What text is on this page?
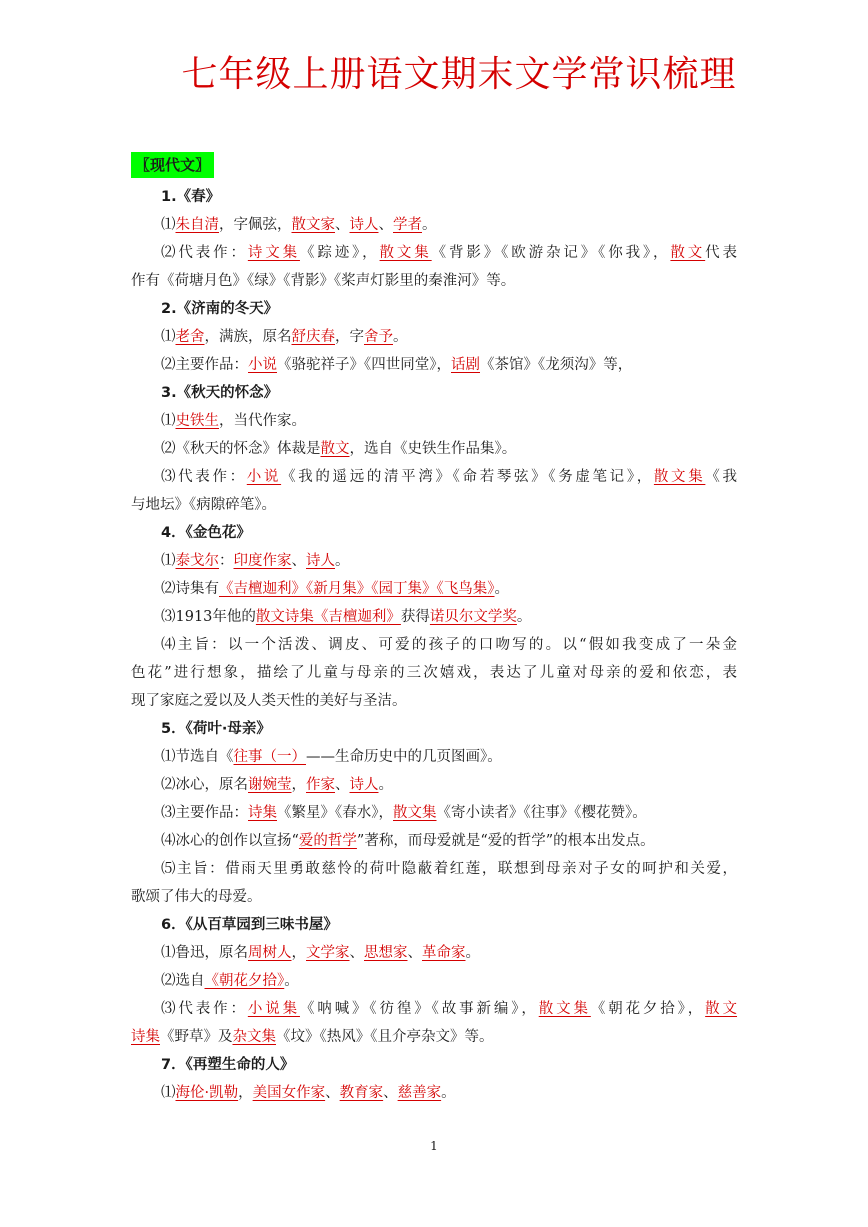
七年级上册语文期末文学常识梳理
〖现代文〗
1.《春》
⑴朱自清，字佩弦，散文家、诗人、学者。
⑵代表作：诗文集《踪迹》，散文集《背影》《欧游杂记》《你我》，散文代表
作有《荷塘月色》《绿》《背影》《桨声灯影里的秦淮河》等。
2.《济南的冬天》
⑴老舍，满族，原名舒庆春，字舍予。
⑵主要作品：小说《骆驼祥子》《四世同堂》，话剧《茶馆》《龙须沟》等，
3.《秋天的怀念》
⑴史铁生，当代作家。
⑵《秋天的怀念》体裁是散文，选自《史铁生作品集》。
⑶代表作：小说《我的遥远的清平湾》《命若琴弦》《务虚笔记》，散文集《我
与地坛》《病隙碎笔》。
4．《金色花》
⑴泰戈尔：印度作家、诗人。
⑵诗集有《吉檀迦利》《新月集》《园丁集》《飞鸟集》。
⑶1913年他的散文诗集《吉檀迦利》获得诺贝尔文学奖。
⑷主旨：以一个活泼、调皮、可爱的孩子的口吻写的。以“假如我变成了一朵金
色花”进行想象，描绘了儿童与母亲的三次嬉戏，表达了儿童对母亲的爱和依恋，表
现了家庭之爱以及人类天性的美好与圣洁。
5．《荷叶·母亲》
⑴节选自《往事（一）——生命历史中的几页图画》。
⑵冰心，原名谢婉莹，作家、诗人。
⑶主要作品：诗集《繁星》《春水》，散文集《寄小读者》《往事》《樱花赞》。
⑷冰心的创作以宣扬“爱的哲学”著称，而母爱就是“爱的哲学”的根本出发点。
⑸主旨：借雨天里勇敢慈怜的荷叶隐蔽着红莲，联想到母亲对子女的呵护和关爱，
歌颂了伟大的母爱。
6．《从百草园到三味书屋》
⑴鲁迅，原名周树人，文学家、思想家、革命家。
⑵选自《朝花夕拾》。
⑶代表作：小说集《呐喊》《彷徨》《故事新编》，散文集《朝花夕拾》，散文
诗集《野草》及杂文集《坟》《热风》《且介亭杂文》等。
7．《再塑生命的人》
⑴海伦·凯勒，美国女作家、教育家、慈善家。
1
